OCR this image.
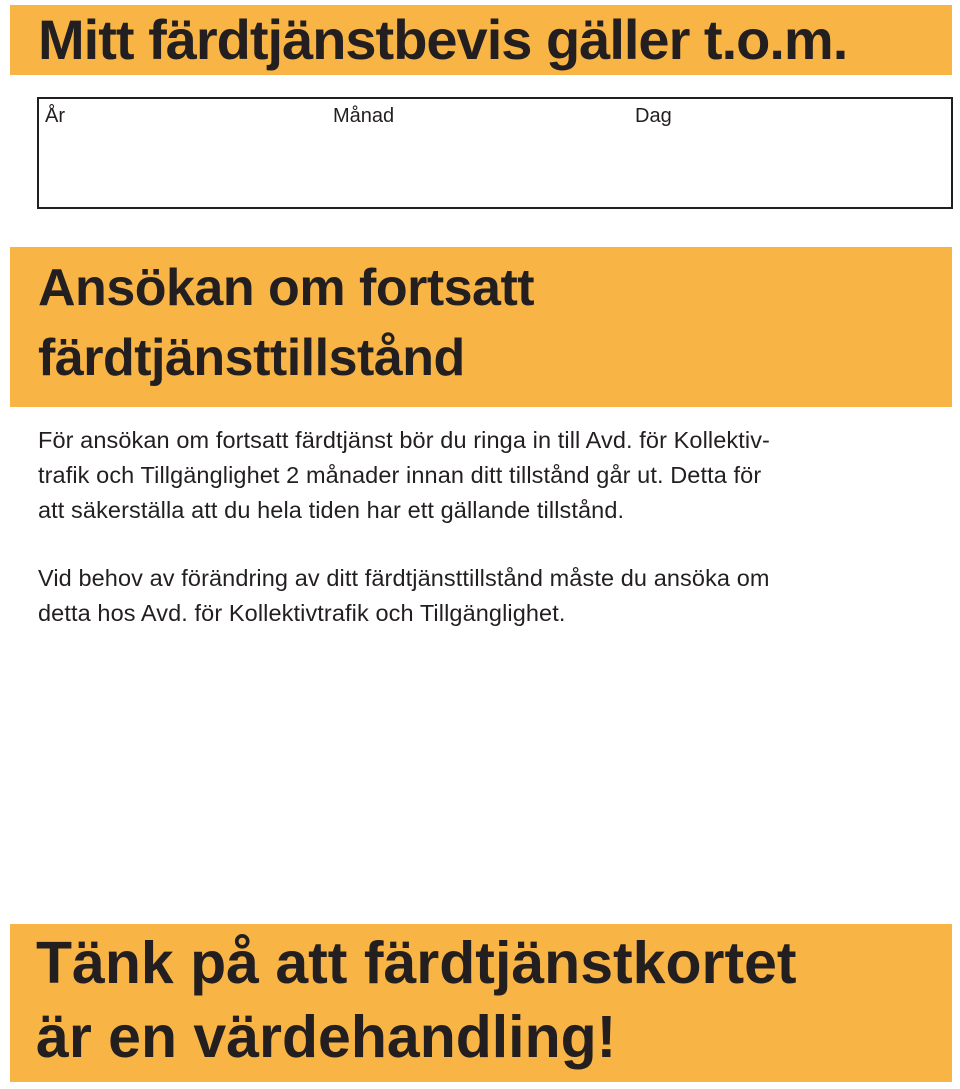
Mitt färdtjänstbevis gäller t.o.m.

År	Månad	Dag

Ansökan om fortsatt
färdtjänsttillstånd

För ansökan om fortsatt färdtjänst bör du ringa in till Avd. för Kollektiv-
trafik och Tillgänglighet 2 månader innan ditt tillstånd går ut. Detta för
att säkerställa att du hela tiden har ett gällande tillstånd.

Vid behov av förändring av ditt färdtjänsttillstånd måste du ansöka om
detta hos Avd. för Kollektivtrafik och Tillgänglighet.

Tänk på att färdtjänstkortet
är en värdehandling!
